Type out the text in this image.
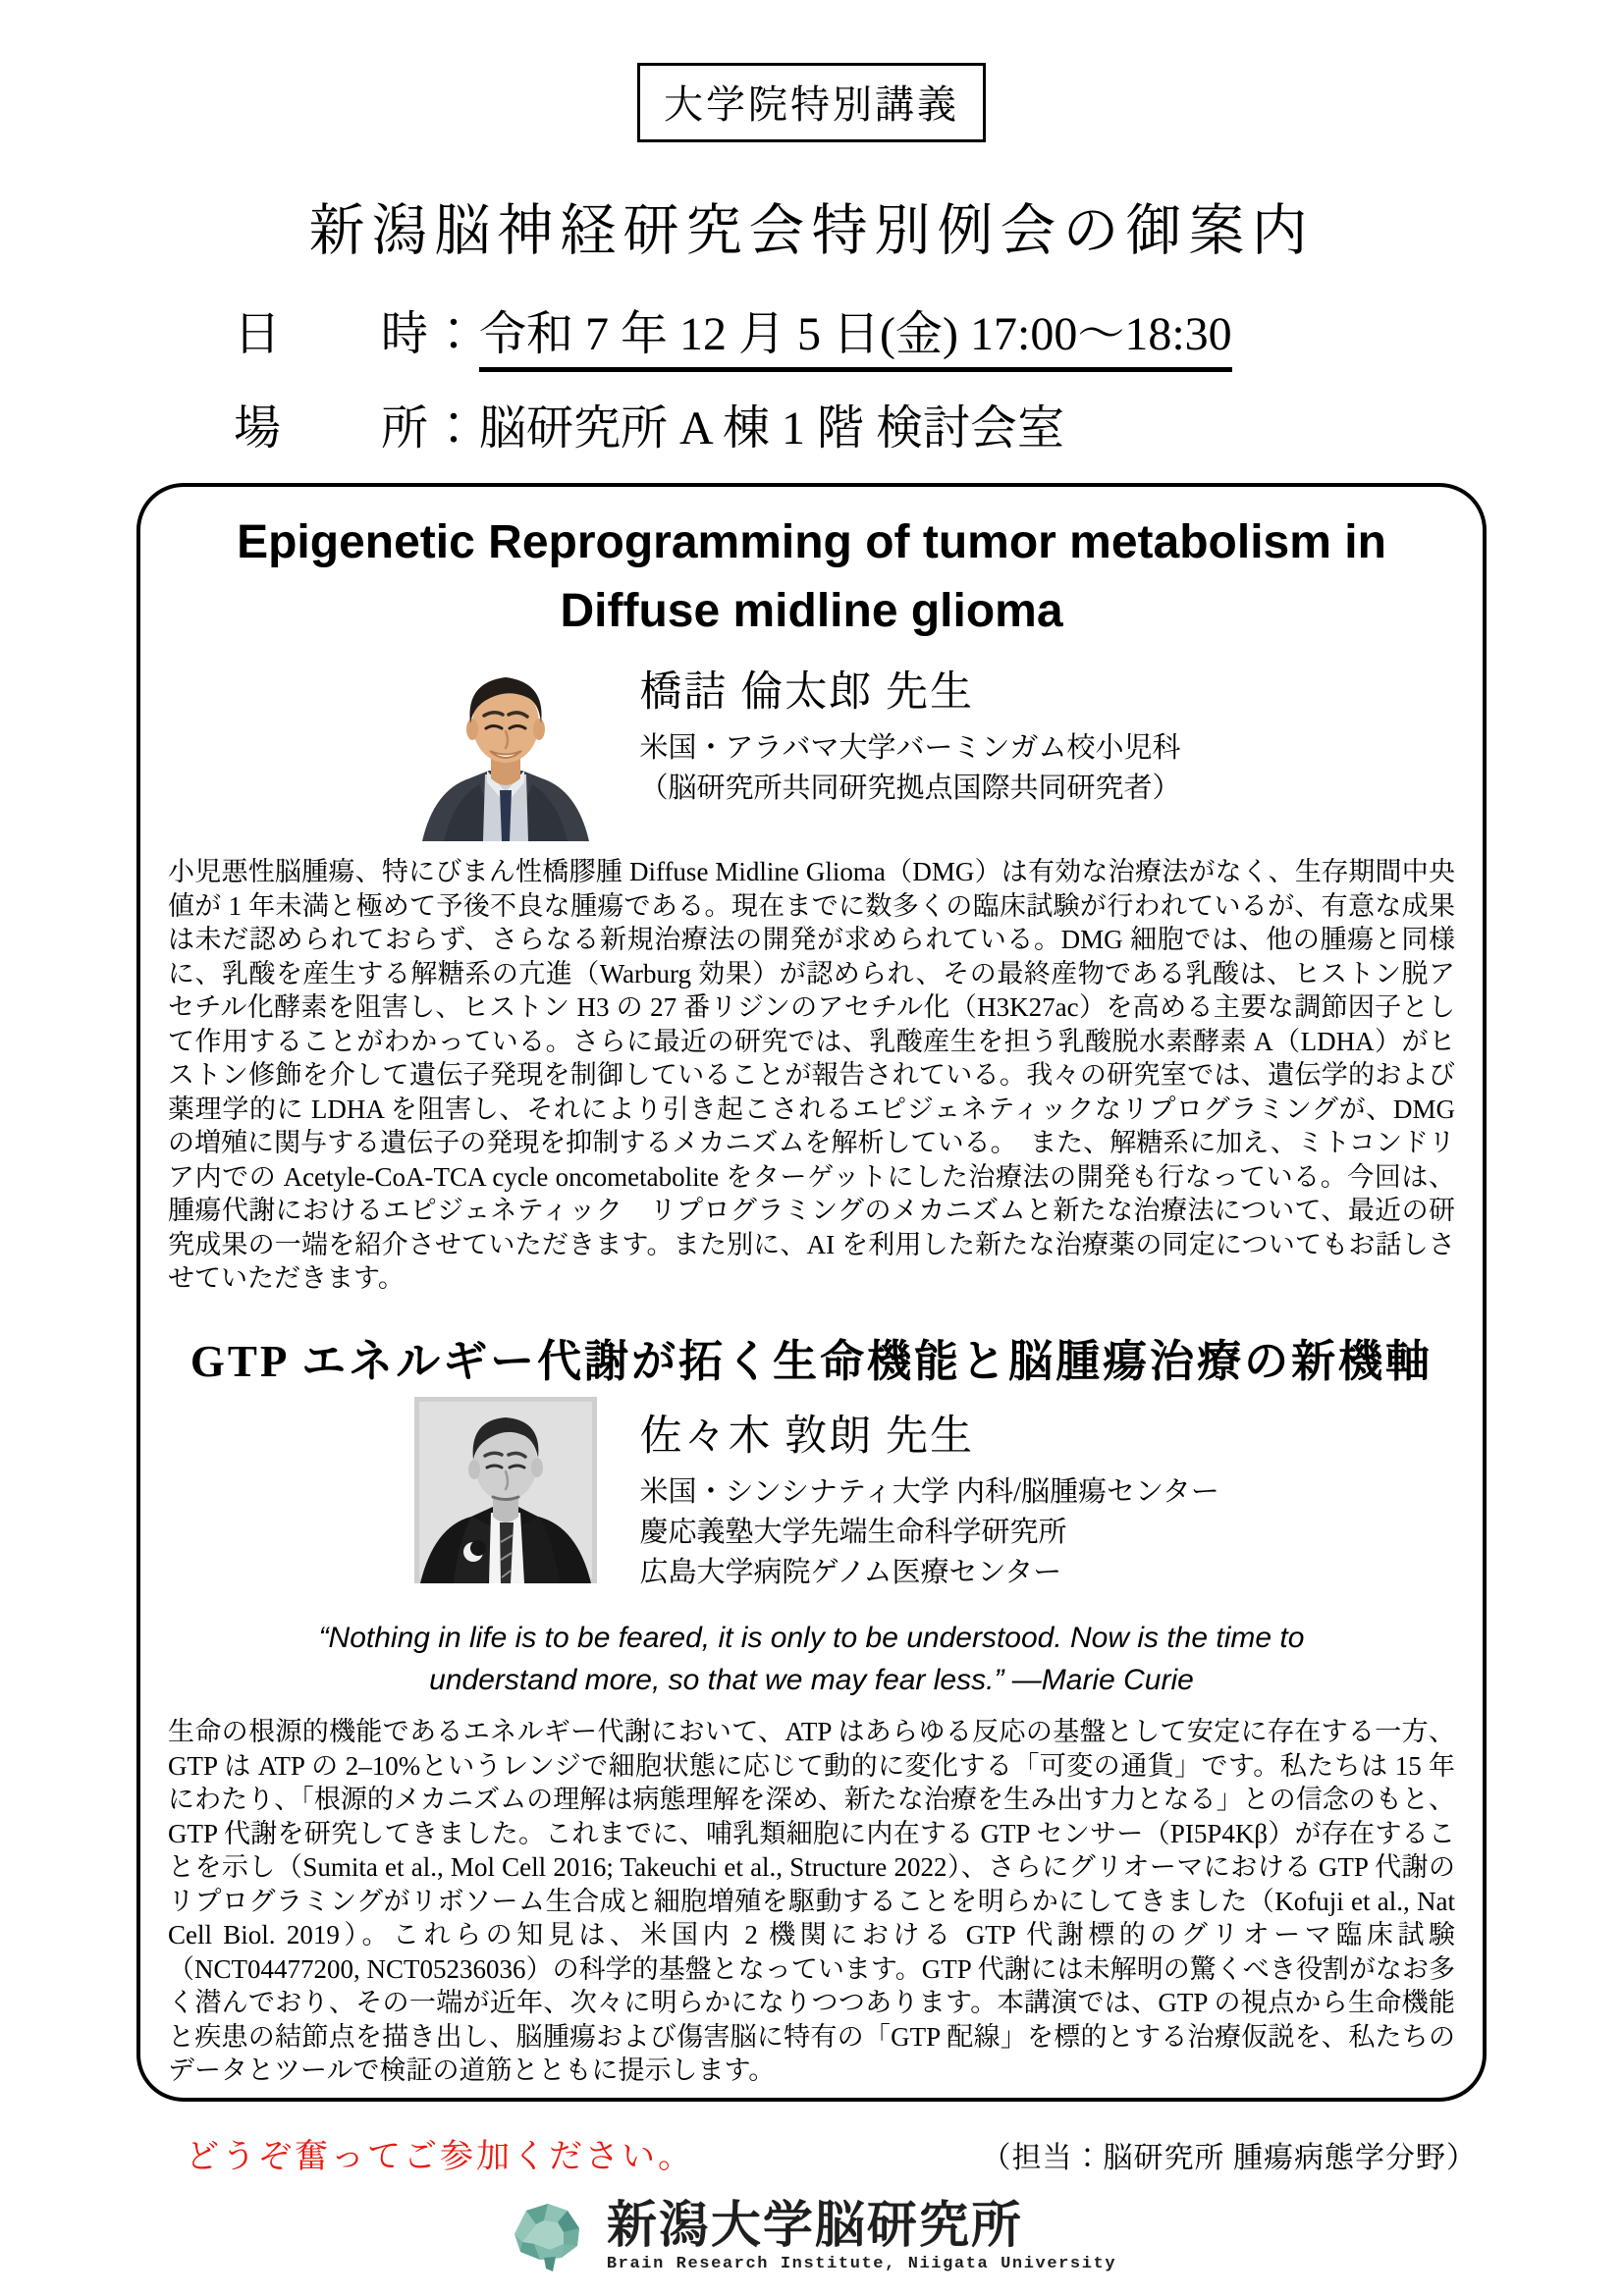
大学院特別講義
新潟脳神経研究会特別例会の御案内
日　　時：令和 7 年 12 月 5 日(金) 17:00～18:30
場　　所：脳研究所 A 棟 1 階 検討会室
Epigenetic Reprogramming of tumor metabolism in
Diffuse midline glioma

橋詰 倫太郎 先生

米国・アラバマ大学バーミンガム校小児科
（脳研究所共同研究拠点国際共同研究者）

小児悪性脳腫瘍、特にびまん性橋膠腫 Diffuse Midline Glioma（DMG）は有効な治療法がなく、生存期間中央値が 1 年未満と極めて予後不良な腫瘍である。現在までに数多くの臨床試験が行われているが、有意な成果は未だ認められておらず、さらなる新規治療法の開発が求められている。DMG 細胞では、他の腫瘍と同様に、乳酸を産生する解糖系の亢進（Warburg 効果）が認められ、その最終産物である乳酸は、ヒストン脱アセチル化酵素を阻害し、ヒストン H3 の 27 番リジンのアセチル化（H3K27ac）を高める主要な調節因子として作用することがわかっている。さらに最近の研究では、乳酸産生を担う乳酸脱水素酵素 A（LDHA）がヒストン修飾を介して遺伝子発現を制御していることが報告されている。我々の研究室では、遺伝学的および薬理学的に LDHA を阻害し、それにより引き起こされるエピジェネティックなリプログラミングが、DMG の増殖に関与する遺伝子の発現を抑制するメカニズムを解析している。　また、解糖系に加え、ミトコンドリア内での Acetyle-CoA-TCA cycle oncometabolite をターゲットにした治療法の開発も行なっている。今回は、腫瘍代謝におけるエピジェネティック　リプログラミングのメカニズムと新たな治療法について、最近の研究成果の一端を紹介させていただきます。また別に、AI を利用した新たな治療薬の同定についてもお話しさせていただきます。

GTP エネルギー代謝が拓く生命機能と脳腫瘍治療の新機軸

佐々木 敦朗 先生

米国・シンシナティ大学 内科/脳腫瘍センター
慶応義塾大学先端生命科学研究所
広島大学病院ゲノム医療センター
“Nothing in life is to be feared, it is only to be understood. Now is the time to
understand more, so that we may fear less.” —Marie Curie

生命の根源的機能であるエネルギー代謝において、ATP はあらゆる反応の基盤として安定に存在する一方、GTP は ATP の 2–10%というレンジで細胞状態に応じて動的に変化する「可変の通貨」です。私たちは 15 年にわたり、「根源的メカニズムの理解は病態理解を深め、新たな治療を生み出す力となる」との信念のもと、GTP 代謝を研究してきました。これまでに、哺乳類細胞に内在する GTP センサー（PI5P4Kβ）が存在することを示し（Sumita et al., Mol Cell 2016; Takeuchi et al., Structure 2022）、さらにグリオーマにおける GTP 代謝のリプログラミングがリボソーム生合成と細胞増殖を駆動することを明らかにしてきました（Kofuji et al., Nat Cell Biol. 2019）。これらの知見は、米国内 2 機関における GTP 代謝標的のグリオーマ臨床試験（NCT04477200, NCT05236036）の科学的基盤となっています。GTP 代謝には未解明の驚くべき役割がなお多く潜んでおり、その一端が近年、次々に明らかになりつつあります。本講演では、GTP の視点から生命機能と疾患の結節点を描き出し、脳腫瘍および傷害脳に特有の「GTP 配線」を標的とする治療仮説を、私たちのデータとツールで検証の道筋とともに提示します。

どうぞ奮ってご参加ください。	（担当：脳研究所 腫瘍病態学分野）
新潟大学脳研究所
Brain Research Institute, Niigata University
